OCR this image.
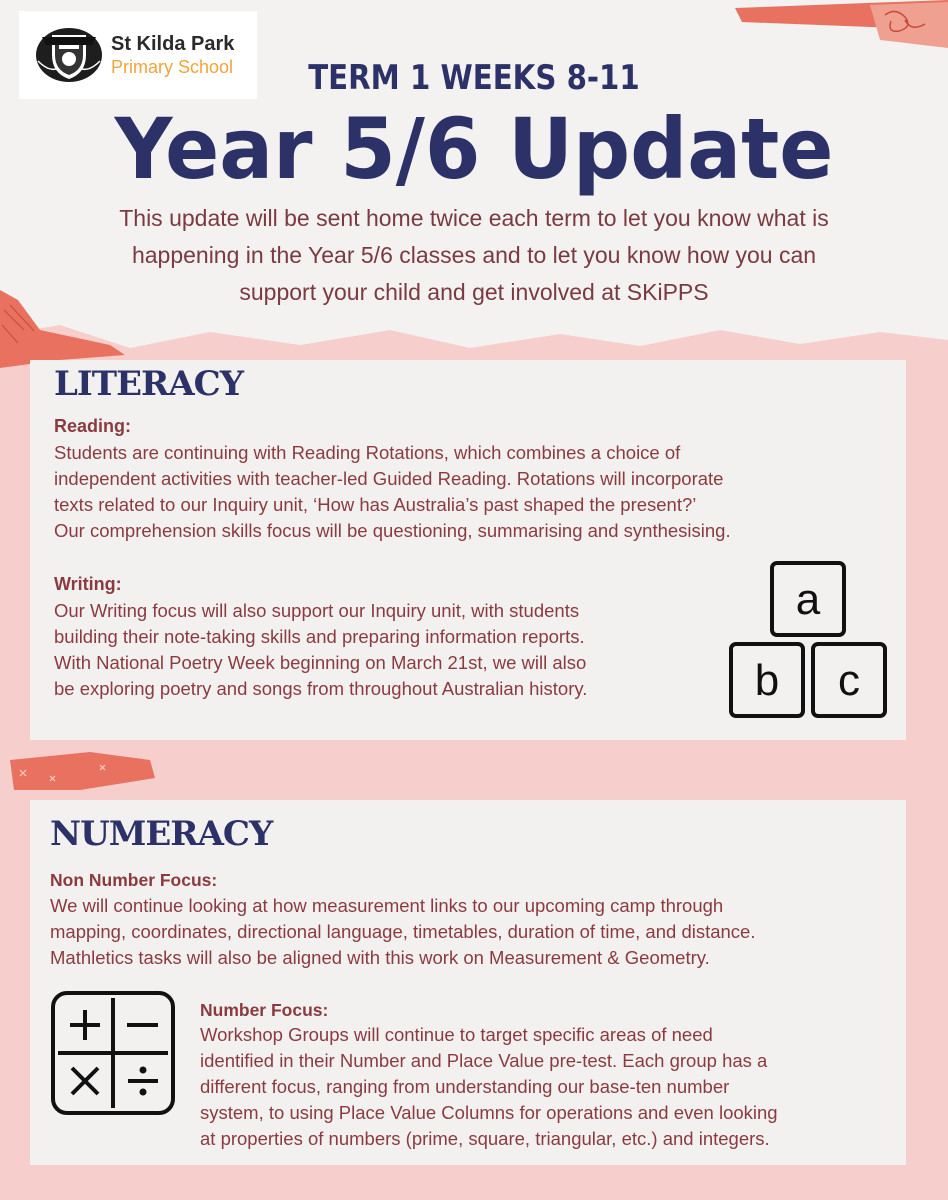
St Kilda Park
Primary School	TERM 1 WEEKS 8-11
Year 5/6 Update
This update will be sent home twice each term to let you know what is
happening in the Year 5/6 classes and to let you know how you can
support your child and get involved at SKiPPS
LITERACY
Reading:
Students are continuing with Reading Rotations, which combines a choice of
independent activities with teacher-led Guided Reading. Rotations will incorporate
texts related to our Inquiry unit, ‘How has Australia’s past shaped the present?’
Our comprehension skills focus will be questioning, summarising and synthesising.
Writing:
Our Writing focus will also support our Inquiry unit, with students
building their note-taking skills and preparing information reports.
With National Poetry Week beginning on March 21st, we will also
be exploring poetry and songs from throughout Australian history.
a
b c
NUMERACY
Non Number Focus:
We will continue looking at how measurement links to our upcoming camp through
mapping, coordinates, directional language, timetables, duration of time, and distance.
Mathletics tasks will also be aligned with this work on Measurement & Geometry.
Number Focus:
Workshop Groups will continue to target specific areas of need
identified in their Number and Place Value pre-test. Each group has a
different focus, ranging from understanding our base-ten number
system, to using Place Value Columns for operations and even looking
at properties of numbers (prime, square, triangular, etc.) and integers.
